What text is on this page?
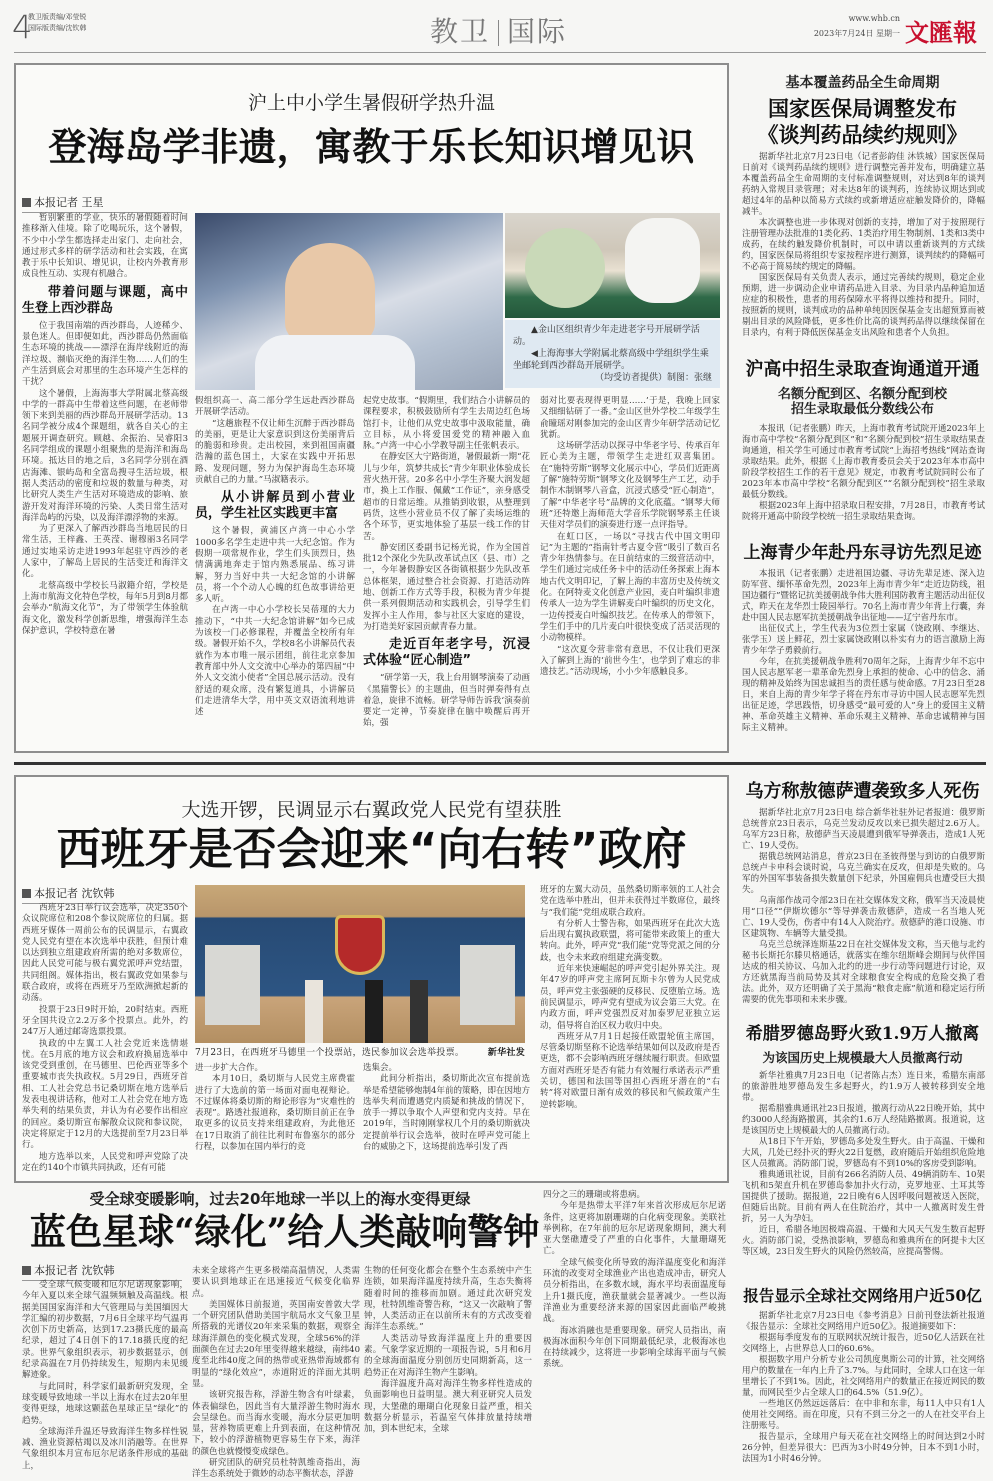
4
教卫版责编/邓莹锐
国际版责编/沈钦韩	教卫 国际	www.whb.cn
2023年7月24日 星期一 文匯報
沪上中小学生暑假研学热升温
登海岛学非遗，寓教于乐长知识增见识
本报记者 王星
▲金山区组织青少年走进老字号开展研学活动。
◀上海海事大学附属北蔡高级中学组织学生乘坐邮轮到西沙群岛开展研学。
（均受访者提供）制图：张继

暂别繁重的学业，快乐的暑假随着时间推移渐入佳境。除了吃喝玩乐，这个暑假，不少中小学生都选择走出家门、走向社会，通过形式多样的研学活动和社会实践，在寓教于乐中长知识、增见识，让校内外教育形成良性互动、实现有机融合。

带着问题与课题，高中生登上西沙群岛

位于我国南端的西沙群岛，人迹稀少、景色迷人。但即便如此，西沙群岛仍然面临生态环境的挑战——漂浮在海岸线附近的海洋垃圾、濒临灭绝的海洋生物……人们的生产生活到底会对那里的生态环境产生怎样的干扰？

这个暑假，上海海事大学附属北蔡高级中学的一群高中生带着这些问题，在老师带领下来到美丽的西沙群岛开展研学活动。13名同学被分成4个课题组，就各自关心的主题展开调查研究。顾越、余振治、吴睿阳3名同学组成的课题小组聚焦的是海洋和海岛环境。抵达目的地之后，3名同学分别在酒店海滩、银屿岛和全富岛搜寻生活垃圾，根据人类活动的密度和垃圾的数量与种类，对比研究人类生产生活对环境造成的影响、旅游开发对海洋环境的污染、人类日常生活对海洋岛屿的污染，以及海洋漂浮物的来源。

为了更深入了解西沙群岛当地居民的日常生活，王梓鑫、王英滢、谢穆丽3名同学通过实地采访走进1993年起驻守西沙的老人家中，了解岛上居民的生活变迁和海洋文化。

北蔡高级中学校长马淑籍介绍，学校是上海市航海文化特色学校，每年5月到8月都会举办“航海文化节”，为了带领学生体验航海文化，激发科学创新思维，增强海洋生态保护意识，学校特意在暑

假组织高一、高二部分学生远赴西沙群岛开展研学活动。

“这趟旅程不仅让师生沉醉于西沙群岛的美丽，更是让大家意识到这份美丽背后的脆弱和珍贵。走出校园，来到祖国南疆浩瀚的蓝色国土，大家在实践中开拓思路、发现问题，努力为保护海岛生态环境贡献自己的力量。”马淑籍表示。

从小讲解员到小营业员，学生社区实践更丰富

这个暑假，黄浦区卢湾一中心小学1000多名学生走进中共一大纪念馆。作为假期一项常规作业，学生们头顶烈日，热情满满地奔走于馆内熟悉展品、练习讲解，努力当好中共一大纪念馆的小讲解员，将一个个动人心魄的红色故事讲给更多人听。

在卢湾一中心小学校长吴蓓瑾的大力推动下，“中共一大纪念馆讲解”如今已成为该校一门必修课程，并覆盖全校所有年级。暑假开始不久，学校8名小讲解员代表就作为本市唯一展示团组，前往北京参加教育部中外人文交流中心举办的第四届“中外人文交流小使者”全国总展示活动。没有舒适的观众席，没有繁复道具，小讲解员们走进清华大学，用中英文双语流利地讲述

起党史故事。“假期里，我们结合小讲解员的课程要求，积极鼓励所有学生去周边红色场馆打卡，让他们从党史故事中汲取能量，确立目标，从小将爱国爱党的精神融入血脉。”卢湾一中心小学教导副主任张帆表示。

在静安区大宁路街道，暑假最新一期“花儿与少年，筑梦共成长”青少年职业体验成长营火热开营。20多名中小学生齐聚大润发超市，换上工作服、佩戴“工作证”，亲身感受超市的日常运维。从推销到收银，从整理到码货，这些小营业员不仅了解了卖场运维的各个环节，更实地体验了基层一线工作的甘苦。

静安团区委副书记杨光说，作为全国首批12个深化少先队改革试点区（县、市）之一，今年暑假静安区各街镇根据少先队改革总体框架，通过整合社会资源、打造活动阵地、创新工作方式等手段，积极为青少年提供一系列假期活动和实践机会，引导学生们发挥小主人作用，参与社区大家庭的建设，为打造美好家园贡献青春力量。

走近百年老字号，沉浸式体验“匠心制造”

“研学第一天，我上台用钢琴演奏了动画《黑猫警长》的主题曲，但当时弹奏得有点着急，旋律不流畅。研学导师告诉我‘演奏前要定一定神，节奏旋律在脑中唤醒后再开始，强

弱对比要表现得更明显……’于是，我晚上回家又细细钻研了一番。”金山区世外学校二年级学生俞瞳瑶对刚参加完的金山区青少年研学活动记忆犹新。

这场研学活动以探寻中华老字号、传承百年匠心美为主题，带领学生走进红双喜集团。在“施特劳斯”钢琴文化展示中心，学员们近距离了解“施特劳斯”钢琴文化及钢琴生产工艺，动手制作木制钢琴八音盒，沉浸式感受“匠心制造”，了解“中华老字号”品牌的文化底蕴。“钢琴大师班”还特邀上海师范大学音乐学院钢琴系主任谈天佳对学员们的演奏进行逐一点评指导。

在虹口区，一场以“寻找古代中国文明印记”为主题的“指南针考古夏令营”吸引了数百名青少年热情参与。在日前结束的三级营活动中，学生们通过完成任务卡中的活动任务探索上海本地古代文明印记，了解上海的丰富历史及传统文化。在阿特麦文化创意产业园，麦白叶编织非遗传承人一边为学生讲解麦白叶编织的历史文化，一边传授麦白叶编织技艺。在传承人的带领下，学生们手中的几片麦白叶很快变成了活灵活现的小动物模样。

“这次夏令营非常有意思，不仅让我们更深入了解到上海的‘前世今生’，也学到了难忘的非遗技艺。”活动现场，小小少年感触良多。

大选开锣，民调显示右翼政党人民党有望获胜
西班牙是否会迎来“向右转”政府
本报记者 沈钦韩
7月23日，在西班牙马德里一个投票站，选民参加议会选举投票。	新华社发

西班牙23日举行议会选举，决定350个众议院席位和208个参议院席位的归属。据西班牙媒体一周前公布的民调显示，右翼政党人民党有望在本次选举中获胜，但预计难以达到独立组建政府所需的绝对多数席位，因此人民党可能与极右翼党派呼声党结盟，共同组阁。媒体指出，极右翼政党如果参与联合政府，或将在西班牙乃至欧洲掀起新的动荡。

投票于23日9时开始，20时结束。西班牙全国共设立2.2万多个投票点。此外，约247万人通过邮寄选票投票。

执政的中左翼工人社会党近来选情堪忧。在5月底的地方议会和政府换届选举中该党受到重创，在马德里、巴伦西亚等多个重要城市丧失执政权。5月29日，西班牙首相、工人社会党总书记桑切斯在地方选举后发表电视讲话称，他对工人社会党在地方选举失利的结果负责，并认为有必要作出相应的回应。桑切斯宣布解散众议院和参议院，决定将原定于12月的大选提前至7月23日举行。

地方选举以来，人民党和呼声党除了决定在约140个市镇共同执政，还有可能

进一步扩大合作。

本月10日，桑切斯与人民党主席费霍进行了大选前的第一场面对面电视辩论。不过媒体将桑切斯的辩论形容为“灾难性的表现”。路透社报道称，桑切斯目前正在争取更多的议员支持来组建政府，为此他还在17日取消了前往比利时布鲁塞尔的部分行程，以参加在国内举行的竞

选集会。

此间分析指出，桑切斯此次宣布提前选举是希望能够炮制4年前的策略，即在因地方选举失利而遭遇党内质疑和挑战的情况下，放手一搏以争取个人声望和党内支持。早在2019年，当时刚刚掌权几个月的桑切斯就决定提前举行议会选举，彼时在呼声党可能上台的威胁之下，这场提前选举引发了西

班牙的左翼大动员，虽然桑切斯率领的工人社会党在选举中胜出，但并未获得过半数席位，最终与“我们能”党组成联合政府。

有分析人士警告称，如果西班牙在此次大选后出现右翼执政联盟，将可能带来政策上的重大转向。此外，呼声党“我们能”党等党派之间的分歧，也令未来政府组建充满变数。

近年来快速崛起的呼声党引起外界关注。现年47岁的呼声党主席阿瓦斯卡尔曾为人民党成员，呼声党主张强硬的反移民、反堕胎立场。选前民调显示，呼声党有望成为议会第三大党。在内政方面，呼声党强烈反对加泰罗尼亚独立运动，倡导将自治区权力收归中央。

西班牙从7月1日起接任欧盟轮值主席国，尽管桑切斯坚称不论选举结果如何以及政府是否更迭，都不会影响西班牙继续履行职责。但欧盟方面对西班牙是否有能力有效履行承诺表示严重关切，德国和法国等国担心西班牙潜在的“右转”将对欧盟日渐有成效的移民和气候政策产生逆转影响。

受全球变暖影响，过去20年地球一半以上的海水变得更绿
蓝色星球“绿化”给人类敲响警钟
本报记者 沈钦韩

受全球气候变暖和厄尔尼诺现象影响，今年入夏以来全球气温频频触及高温线。根据美国国家海洋和大气管理局与美国缅因大学汇编的初步数据，7月6日全球平均气温再次创下历史新高，达到17.23摄氏度的最高纪录，超过了4日创下的17.18摄氏度的纪录。世界气象组织表示，初步数据显示，创纪录高温在7月仍持续发生，短期内未见缓解迹象。

与此同时，科学家们最新研究发现，全球变暖导致地球一半以上海水在过去20年里变得更绿，地球这颗蓝色星球正呈“绿化”的趋势。

全球海洋升温还导致海洋生物多样性锐减、渔业资源枯竭以及冰川消融等。在世界气象组织本月宣布厄尔尼诺条件形成的基础上，

未来全球将产生更多极端高温情况，人类需要认识到地球正在迅速接近气候变化临界点。

美国媒体日前报道，英国南安普敦大学一个研究团队借助美国宇航局水文气象卫星所搭载的光谱仪20年来采集的数据，观察全球海洋颜色的变化模式发现，全球56%的洋面颜色在过去20年里变得越来越绿，南纬40度至北纬40度之间的热带或亚热带海域都有明显的“绿化效应”，赤道附近的洋面尤其明显。

该研究报告称，浮游生物含有叶绿素，体表偏绿色，因此当有大量浮游生物时海水会呈绿色。而当海水变暖，海水分层更加明显，营养物质更难上升到表面，在这种情况下，较小的浮游植物更容易生存下来，海洋的颜色也就慢慢变成绿色。

研究团队的研究员杜特凯维奇指出，海洋生态系统处于微妙的动态平衡状态，浮游

生物的任何变化都会在整个生态系统中产生连锁，如果海洋温度持续升高，生态失衡将随着时间的推移而加剧。通过此次研究发现，杜特凯维奇警告称，“这又一次敲响了警钟，人类活动正在以前所未有的方式改变着海洋生态系统。”

人类活动导致海洋温度上升的重要因素。气象学家近期的一项报告说，5月和6月的全球海面温度分别创历史同期新高，这一趋势正在对海洋生物产生影响。

海洋温度升高对海洋生物多样性造成的负面影响也日益明显。澳大利亚研究人员发现，大堡礁的珊瑚白化现象日益严重，相关数据分析显示，若温室气体排放量持续增加，到本世纪末，全球

四分之三的珊瑚或将患病。

今年是热带太平洋7年来首次形成厄尔尼诺条件，这更将加剧珊瑚的白化病变现象。美联社举例称，在7年前的厄尔尼诺现象期间，澳大利亚大堡礁遭受了严重的白化事件，大量珊瑚死亡。

全球气候变化所导致的海洋温度变化和海洋环流的改变对全球渔业产出也造成冲击，研究人员分析指出，在多数水域，海水平均表面温度每上升1摄氏度，渔获量就会显著减少。一些以海洋渔业为重要经济来源的国家因此面临严峻挑战。

海冰消融也是重要现象。研究人员指出，南极海冰面积今年创下同期最低纪录，北极海冰也在持续减少，这将进一步影响全球海平面与气候系统。

基本覆盖药品全生命周期
国家医保局调整发布
《谈判药品续约规则》

据新华社北京7月23日电（记者彭韵佳 沐铁城）国家医保局日前对《谈判药品续约规则》进行调整完善并发布，明确建立基本覆盖药品全生命周期的支付标准调整规则，对达到8年的谈判药纳入常规目录管理；对未达8年的谈判药，连续协议期达到或超过4年的品种以简易方式续约或新增适应症触发降价的，降幅减半。

本次调整也进一步体现对创新的支持，增加了对于按照现行注册管理办法批准的1类化药、1类治疗用生物制剂、1类和3类中成药，在续约触发降价机制时，可以申请以重新谈判的方式续约，国家医保局将组织专家按程序进行测算，谈判续约的降幅可不必高于简易续约规定的降幅。

国家医保局有关负责人表示，通过完善续约规则，稳定企业预期，进一步调动企业申请药品进入目录、为目录内品种追加适应症的积极性，患者的用药保障水平将得以维持和提升。同时，按照新的规则，谈判成功的品种单纯因医保基金支出超预算而被剔出目录的风险降低，更多性价比高的谈判药品得以继续保留在目录内，有利于降低医保基金支出风险和患者个人负担。

沪高中招生录取查询通道开通
名额分配到区、名额分配到校
招生录取最低分数线公布

本报讯（记者张鹏）昨天，上海市教育考试院开通2023年上海市高中学校“名额分配到区”和“名额分配到校”招生录取结果查询通道，相关学生可通过市教育考试院“上海招考热线”网站查询录取结果。此外，根据《上海市教育委员会关于2023年本市高中阶段学校招生工作的若干意见》规定，市教育考试院同时公布了2023年本市高中学校“名额分配到区”“名额分配到校”招生录取最低分数线。

根据2023年上海中招录取日程安排，7月28日，市教育考试院将开通高中阶段学校统一招生录取结果查询。

上海青少年赴丹东寻访先烈足迹

本报讯（记者张鹏）走进祖国边疆、寻访先辈足迹、深入边防军营、缅怀革命先烈，2023年上海市青少年“走近边防线，祖国边疆行”暨铭记抗美援朝战争伟大胜利国防教育主题活动出征仪式，昨天在龙华烈士陵园举行。70名上海市青少年背上行囊，奔赴中国人民志愿军抗美援朝战争出征地——辽宁省丹东市。

出征仪式上，学生代表为3位烈士家属（饶政刚、李继达、张学玉）送上鲜花，烈士家属饶政刚以朴实有力的语言激励上海青少年学子勇毅前行。

今年，在抗美援朝战争胜利70周年之际，上海青少年不忘中国人民志愿军老一辈革命先烈身上承担的使命、心中的信念、涌现的精神及始终为国忠诚担当的责任感与使命感。7月23日至28日，来自上海的青少年学子将在丹东市寻访中国人民志愿军先烈出征足迹，学思践悟，切身感受“最可爱的人”身上的爱国主义精神、革命英雄主义精神、革命乐观主义精神、革命忠诚精神与国际主义精神。

乌方称敖德萨遭袭致多人死伤

据新华社北京7月23日电 综合新华社驻外记者报道：俄罗斯总统普京23日表示，乌克兰发动反攻以来已损失超过2.6万人。乌军方23日称，敖德萨当天凌晨遭到俄军导弹袭击，造成1人死亡、19人受伤。

据俄总统网站消息，普京23日在圣彼得堡与到访的白俄罗斯总统卢卡申科会谈时说，乌克兰确实在反攻，但却是失败的。乌军的外国军事装备损失数量创下纪录，外国雇佣兵也遭受巨大损失。

乌南部作战司令部23日在社交媒体发文称，俄军当天凌晨使用“口径”“伊斯坎德尔”等导弹袭击敖德萨，造成一名当地人死亡、19人受伤，伤者中有14人入院治疗。敖德萨的港口设施、市区建筑物、车辆等大量受损。

乌克兰总统泽连斯基22日在社交媒体发文称，当天他与北约秘书长斯托尔滕贝格通话，就落实在维尔纽斯峰会期间与伙伴国达成的相关协议、乌加入北约的进一步行动等问题进行讨论，双方还就黑海当前局势及其对全球粮食安全构成的危险交换了看法。此外，双方还明确了关于黑海“粮食走廊”航道和稳定运行所需要的优先事项和未来步骤。

希腊罗德岛野火致1.9万人撤离
为该国历史上规模最大人员撤离行动

新华社雅典7月23日电（记者陈占杰）连日来，希腊东南部的旅游胜地罗德岛发生多起野火，约1.9万人被转移到安全地带。

据希腊雅典通讯社23日报道，撤离行动从22日晚开始，其中约3000人经海路撤离，其余约1.6万人经陆路撤离。报道说，这是该国历史上规模最大的人员撤离行动。

从18日下午开始，罗德岛多处发生野火。由于高温、干燥和大风，几处已经扑灭的野火22日复燃，政府随后开始组织危险地区人员撤离。消防部门说，罗德岛有不到10%的客房受到影响。

雅典通讯社说，目前有266名消防人员、49辆消防车、10架飞机和5架直升机在罗德岛参加扑火行动，克罗地亚、土耳其等国提供了援助。据报道，22日晚有6人因呼吸问题被送入医院，但随后出院。目前有两人在住院治疗，其中一人撤离时发生骨折，另一人为孕妇。

近日，希腊各地因极端高温、干燥和大风天气发生数百起野火。消防部门说，受热浪影响，罗德岛和雅典所在的阿提卡大区等区域，23日发生野火的风险仍然较高，应提高警惕。

报告显示全球社交网络用户近50亿

据新华社北京7月23日电《参考消息》日前刊登法新社报道《报告显示：全球社交网络用户近50亿》。报道摘要如下：

根据每季度发布的互联网状况统计报告，近50亿人活跃在社交网络上，占世界总人口的60.6%。

根据数字用户分析专业公司凯度奥斯公司的计算，社交网络用户的数量在一年内上升了3.7%。与此同时，全球人口在这一年里增长了不到1%。因此，社交网络用户的数量正在接近网民的数量，而网民至少占全球人口的64.5%（51.9亿）。

一些地区仍然远远落后：在中非和东非，每11人中只有1人使用社交网络。而在印度，只有不到三分之一的人在社交平台上注册账号。

报告显示，全球用户每天花在社交网络上的时间达到2小时26分钟，但差异很大：巴西为3小时49分钟，日本不到1小时，法国为1小时46分钟。
